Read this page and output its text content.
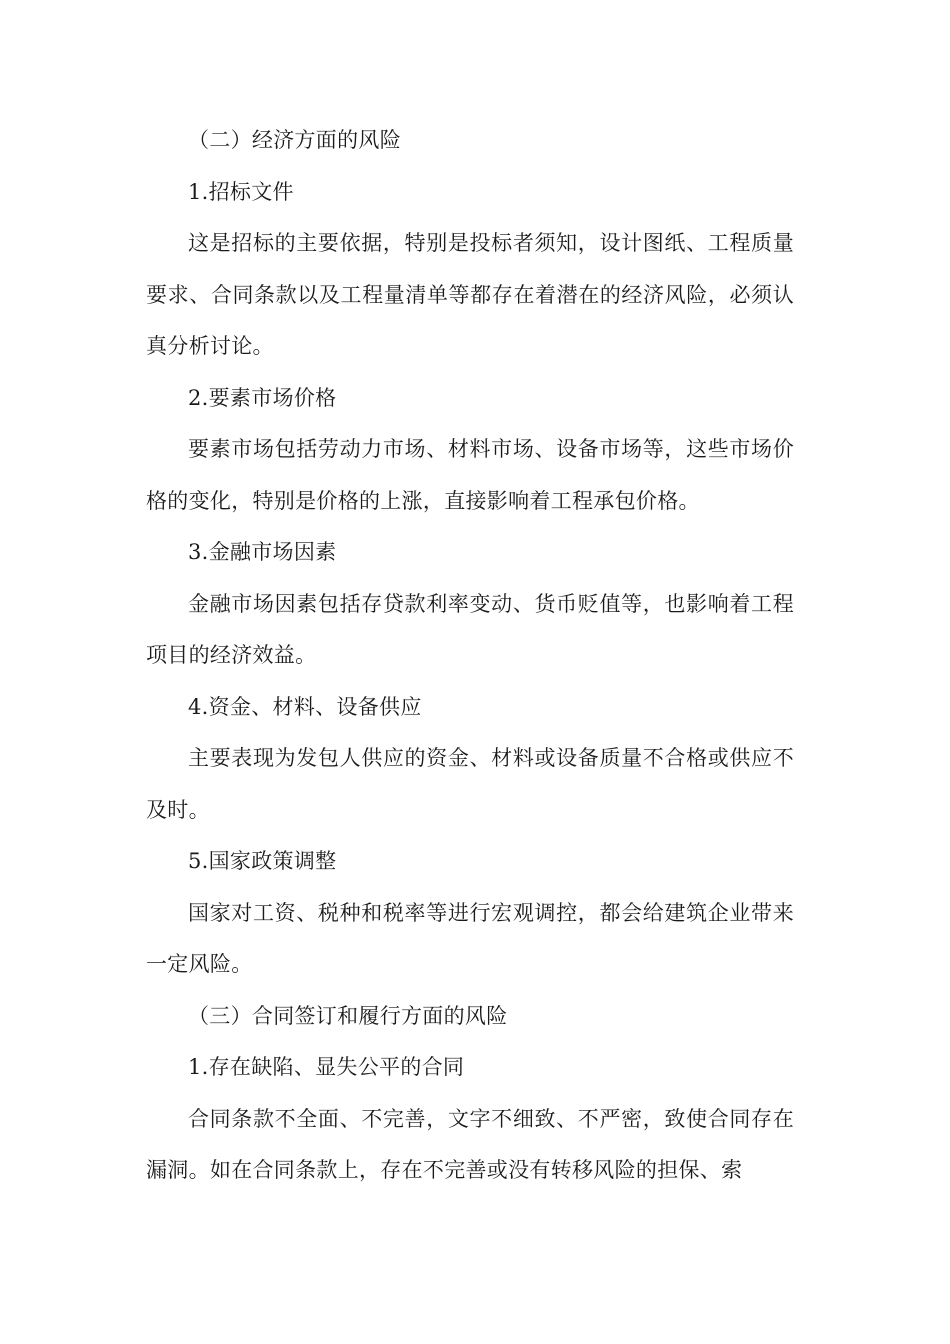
（二）经济方面的风险

1.招标文件

这是招标的主要依据，特别是投标者须知，设计图纸、工程质量要求、合同条款以及工程量清单等都存在着潜在的经济风险，必须认真分析讨论。

2.要素市场价格

要素市场包括劳动力市场、材料市场、设备市场等，这些市场价格的变化，特别是价格的上涨，直接影响着工程承包价格。

3.金融市场因素

金融市场因素包括存贷款利率变动、货币贬值等，也影响着工程项目的经济效益。

4.资金、材料、设备供应

主要表现为发包人供应的资金、材料或设备质量不合格或供应不及时。

5.国家政策调整

国家对工资、税种和税率等进行宏观调控，都会给建筑企业带来一定风险。

（三）合同签订和履行方面的风险

1.存在缺陷、显失公平的合同

合同条款不全面、不完善，文字不细致、不严密，致使合同存在漏洞。如在合同条款上，存在不完善或没有转移风险的担保、索
